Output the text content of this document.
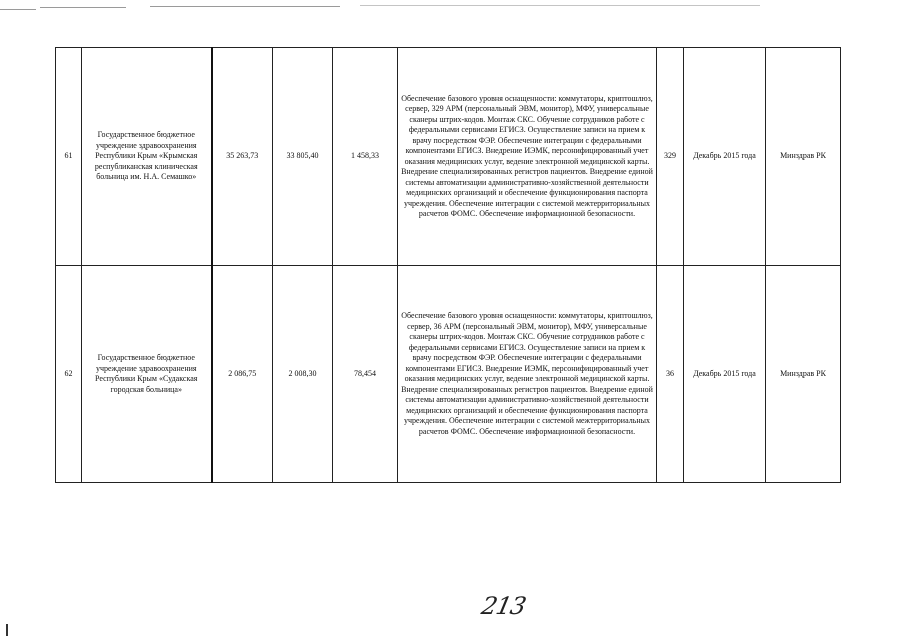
61	Государственное бюджетное учреждение здравоохранения Республики Крым «Крымская республиканская клиническая больница им. Н.А. Семашко»	35 263,73	33 805,40	1 458,33	Обеспечение базового уровня оснащенности: коммутаторы, криптошлюз, сервер, 329 АРМ (персональный ЭВМ, монитор), МФУ, универсальные сканеры штрих-кодов. Монтаж СКС. Обучение сотрудников работе с федеральными сервисами ЕГИСЗ. Осуществление записи на прием к врачу посредством ФЭР. Обеспечение интеграции с федеральными компонентами ЕГИСЗ. Внедрение ИЭМК, персонифицированный учет оказания медицинских услуг, ведение электронной медицинской карты. Внедрение специализированных регистров пациентов. Внедрение единой системы автоматизации административно-хозяйственной деятельности медицинских организаций и обеспечение функционирования паспорта учреждения. Обеспечение интеграции с системой межтерриториальных расчетов ФОМС. Обеспечение информационной безопасности.	329	Декабрь 2015 года	Минздрав РК
62	Государственное бюджетное учреждение здравоохранения Республики Крым «Судакская городская больница»	2 086,75	2 008,30	78,454	Обеспечение базового уровня оснащенности: коммутаторы, криптошлюз, сервер, 36 АРМ (персональный ЭВМ, монитор), МФУ, универсальные сканеры штрих-кодов. Монтаж СКС. Обучение сотрудников работе с федеральными сервисами ЕГИСЗ. Осуществление записи на прием к врачу посредством ФЭР. Обеспечение интеграции с федеральными компонентами ЕГИСЗ. Внедрение ИЭМК, персонифицированный учет оказания медицинских услуг, ведение электронной медицинской карты. Внедрение специализированных регистров пациентов. Внедрение единой системы автоматизации административно-хозяйственной деятельности медицинских организаций и обеспечение функционирования паспорта учреждения. Обеспечение интеграции с системой межтерриториальных расчетов ФОМС. Обеспечение информационной безопасности.	36	Декабрь 2015 года	Минздрав РК
213
